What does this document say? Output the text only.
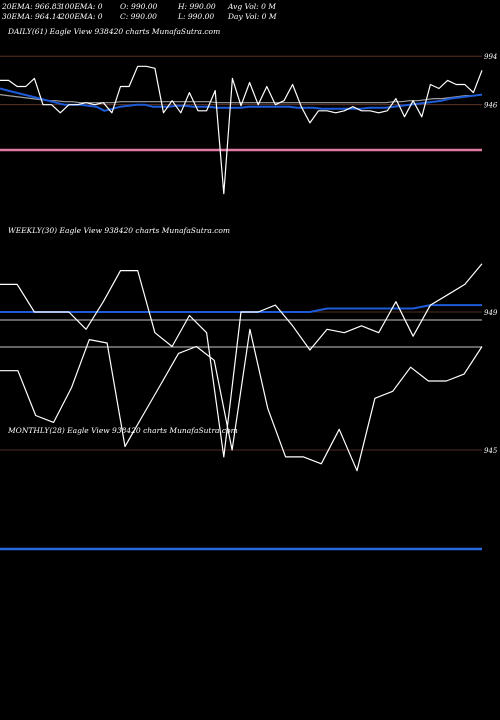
20EMA: 966.83
100EMA: 0 O: 990.00	H: 990.00 Avg Vol: 0 M
30EMA: 964.14
200EMA: 0 C: 990.00	L: 990.00 Day Vol: 0 M
DAILY(61) Eagle View 938420 charts MunafaSutra.com
WEEKLY(30) Eagle View 938420 charts MunafaSutra.com
MONTHLY(28) Eagle View 938420 charts MunafaSutra.com
994
946
949
945
